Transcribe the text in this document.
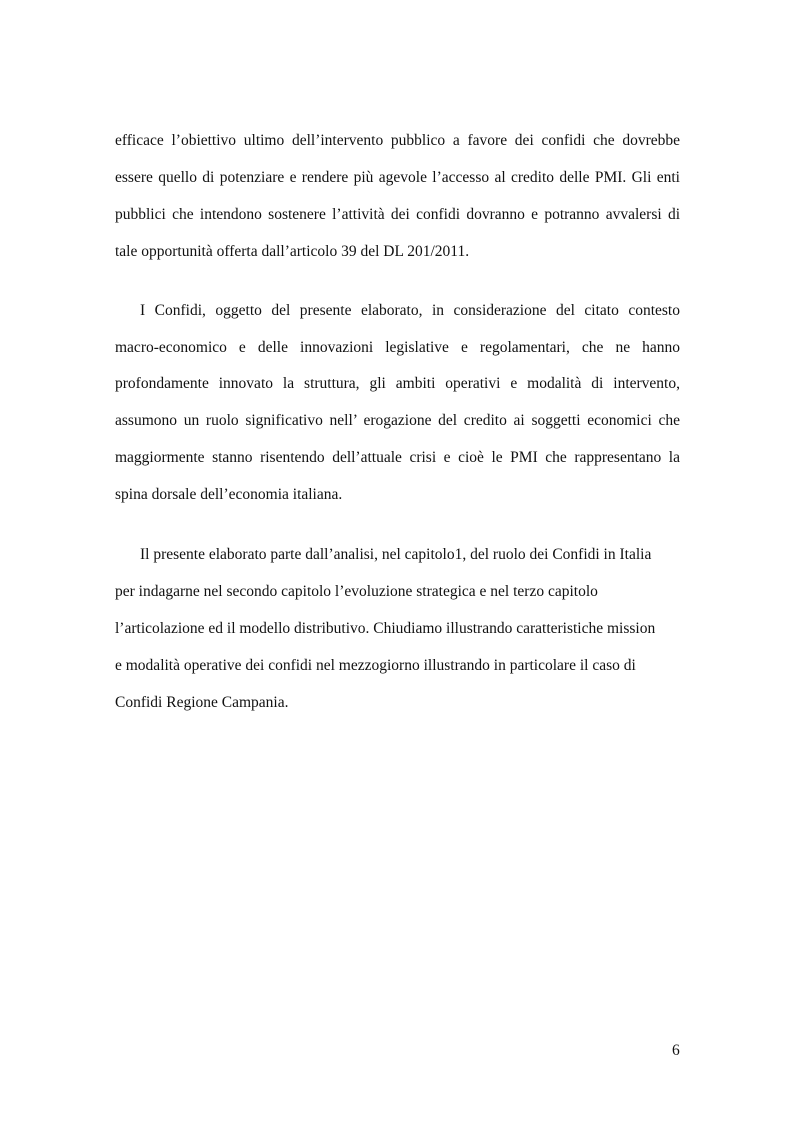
efficace l’obiettivo ultimo dell’intervento pubblico a favore dei confidi che dovrebbe

essere quello di potenziare e rendere più agevole l’accesso al credito delle PMI. Gli enti

pubblici che intendono sostenere l’attività dei confidi dovranno e potranno avvalersi di

tale opportunità offerta dall’articolo 39 del DL 201/2011.

I Confidi, oggetto del presente elaborato, in considerazione del citato contesto

macro-economico e delle innovazioni legislative e regolamentari, che ne hanno

profondamente innovato la struttura, gli ambiti operativi e modalità di intervento,

assumono un ruolo significativo nell’ erogazione del credito ai soggetti economici che

maggiormente stanno risentendo dell’attuale crisi e cioè le PMI che rappresentano la

spina dorsale dell’economia italiana.

Il presente elaborato parte dall’analisi, nel capitolo1, del ruolo dei Confidi in Italia

per indagarne nel secondo capitolo l’evoluzione strategica e nel terzo capitolo

l’articolazione ed il modello distributivo. Chiudiamo illustrando caratteristiche mission

e modalità operative dei confidi nel mezzogiorno illustrando in particolare il caso di

Confidi Regione Campania.

6
